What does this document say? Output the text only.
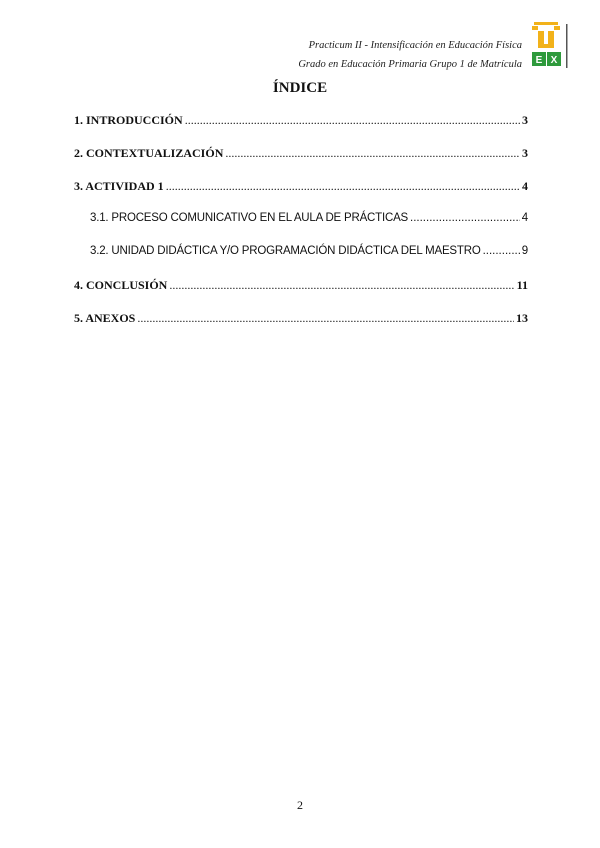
Practicum II - Intensificación en Educación Física
Grado en Educación Primaria Grupo 1 de Matrícula E X
ÍNDICE
1. INTRODUCCIÓN .....	3
2. CONTEXTUALIZACIÓN .....	3
3. ACTIVIDAD 1 .....	4
3.1. PROCESO COMUNICATIVO EN EL AULA DE PRÁCTICAS .....	4
3.2. UNIDAD DIDÁCTICA Y/O PROGRAMACIÓN DIDÁCTICA DEL MAESTRO .....	9
4. CONCLUSIÓN .....	11
5. ANEXOS .....	13
2
